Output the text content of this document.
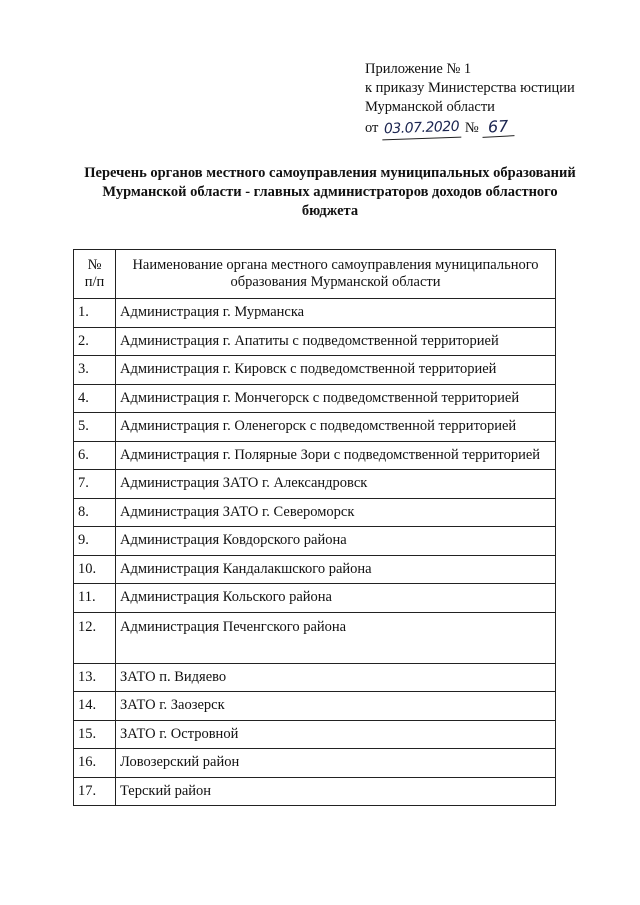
Приложение № 1
к приказу Министерства юстиции
Мурманской области
от 03.07.2020 № 67
Перечень органов местного самоуправления муниципальных образований
Мурманской области - главных администраторов доходов областного
бюджета
№
п/п	Наименование органа местного самоуправления муниципального
образования Мурманской области
1.	Администрация г. Мурманска
2.	Администрация г. Апатиты с подведомственной территорией
3.	Администрация г. Кировск с подведомственной территорией
4.	Администрация г. Мончегорск с подведомственной территорией
5.	Администрация г. Оленегорск с подведомственной территорией
6.	Администрация г. Полярные Зори с подведомственной территорией
7.	Администрация ЗАТО г. Александровск
8.	Администрация ЗАТО г. Североморск
9.	Администрация Ковдорского района
10.	Администрация Кандалакшского района
11.	Администрация Кольского района
12.	Администрация Печенгского района
13.	ЗАТО п. Видяево
14.	ЗАТО г. Заозерск
15.	ЗАТО г. Островной
16.	Ловозерский район
17.	Терский район
